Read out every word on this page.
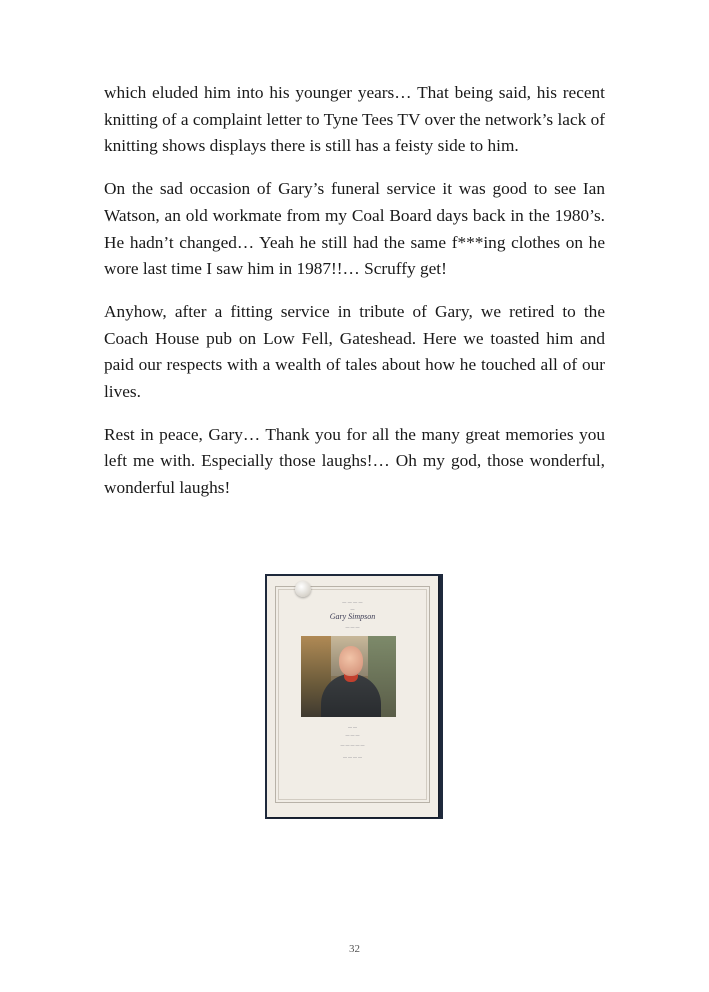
which eluded him into his younger years… That being said, his recent knitting of a complaint letter to Tyne Tees TV over the network’s lack of knitting shows displays there is still has a feisty side to him.

On the sad occasion of Gary’s funeral service it was good to see Ian Watson, an old workmate from my Coal Board days back in the 1980’s. He hadn’t changed… Yeah he still had the same f***ing clothes on he wore last time I saw him in 1987!!… Scruffy get!

Anyhow, after a fitting service in tribute of Gary, we retired to the Coach House pub on Low Fell, Gateshead. Here we toasted him and paid our respects with a wealth of tales about how he touched all of our lives.

Rest in peace, Gary… Thank you for all the many great memories you left me with. Especially those laughs!… Oh my god, those wonderful, wonderful laughs!

— — — —
—
Gary Simpson
— — —
— —
— — —
— — — — —
— — — —
32
